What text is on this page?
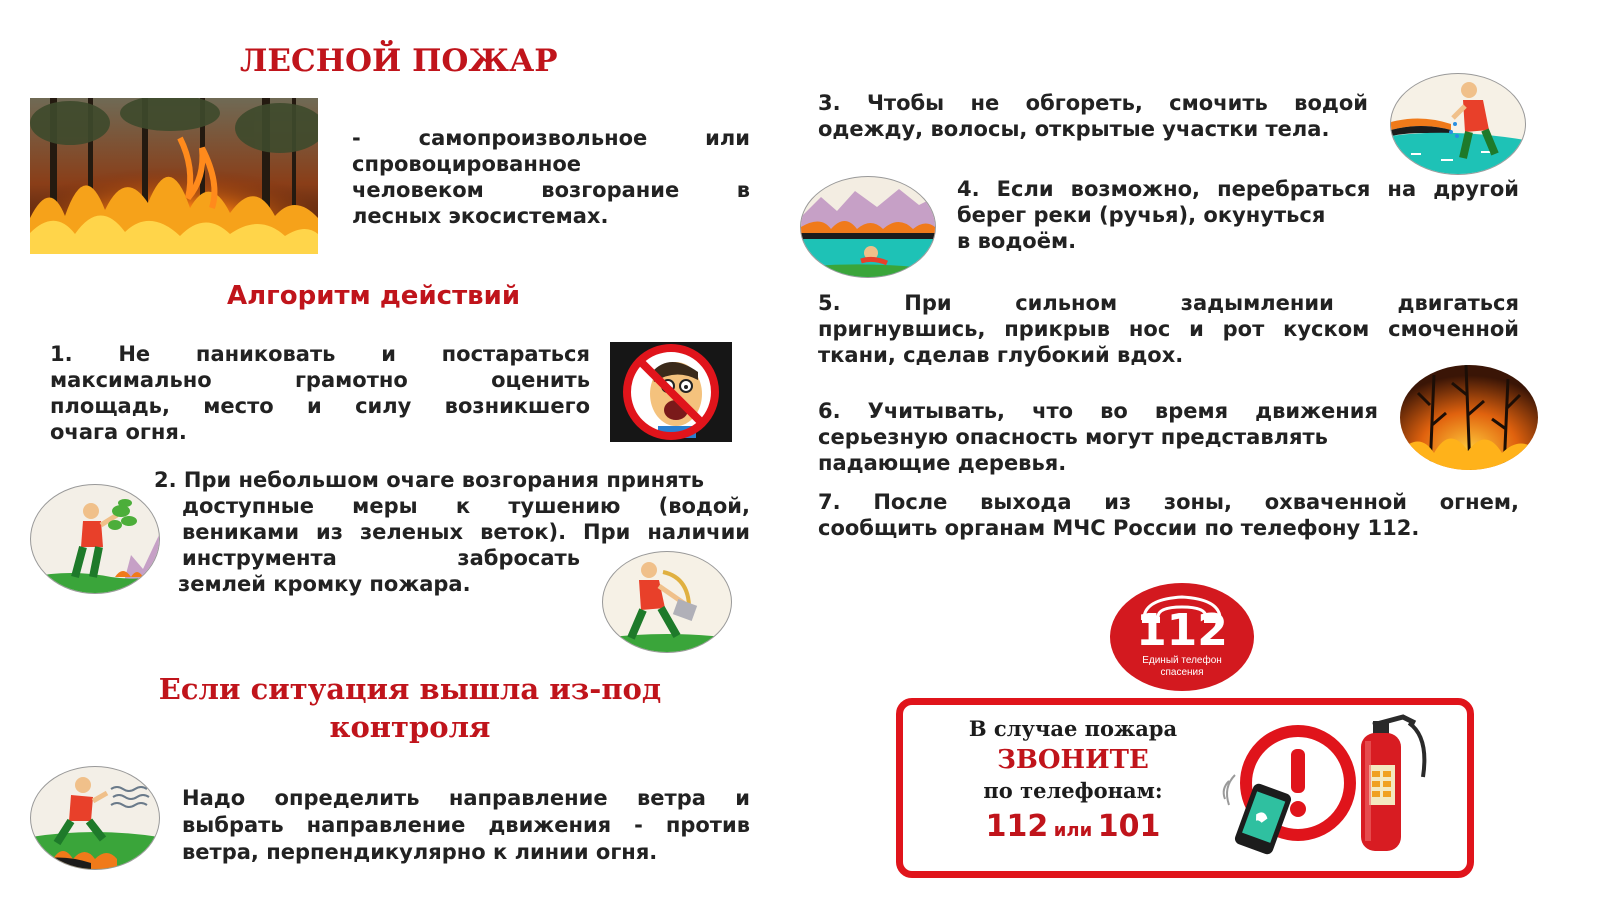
ЛЕСНОЙ ПОЖАР
- самопроизвольное или
спровоцированное
человеком возгорание в
лесных экосистемах.
Алгоритм действий
1. Не паниковать и постараться
максимально грамотно оценить
площадь, место и силу возникшего
очага огня.
2. При небольшом очаге возгорания принять
доступные меры к тушению (водой,
вениками из зеленых веток). При наличии
инструмента забросать
землей кромку пожара.
Если ситуация вышла из-под
контроля
Надо определить направление ветра и
выбрать направление движения - против
ветра, перпендикулярно к линии огня.
3. Чтобы не обгореть, смочить водой
одежду, волосы, открытые участки тела.
4. Если возможно, перебраться на другой
берег реки (ручья), окунуться
в водоём.
5. При сильном задымлении двигаться
пригнувшись, прикрыв нос и рот куском смоченной
ткани, сделав глубокий вдох.
6. Учитывать, что во время движения
серьезную опасность могут представлять
падающие деревья.
7. После выхода из зоны, охваченной огнем,
сообщить органам МЧС России по телефону 112.
112
Единый телефон
спасения
В случае пожара
ЗВОНИТЕ
по телефонам:
112 или 101
